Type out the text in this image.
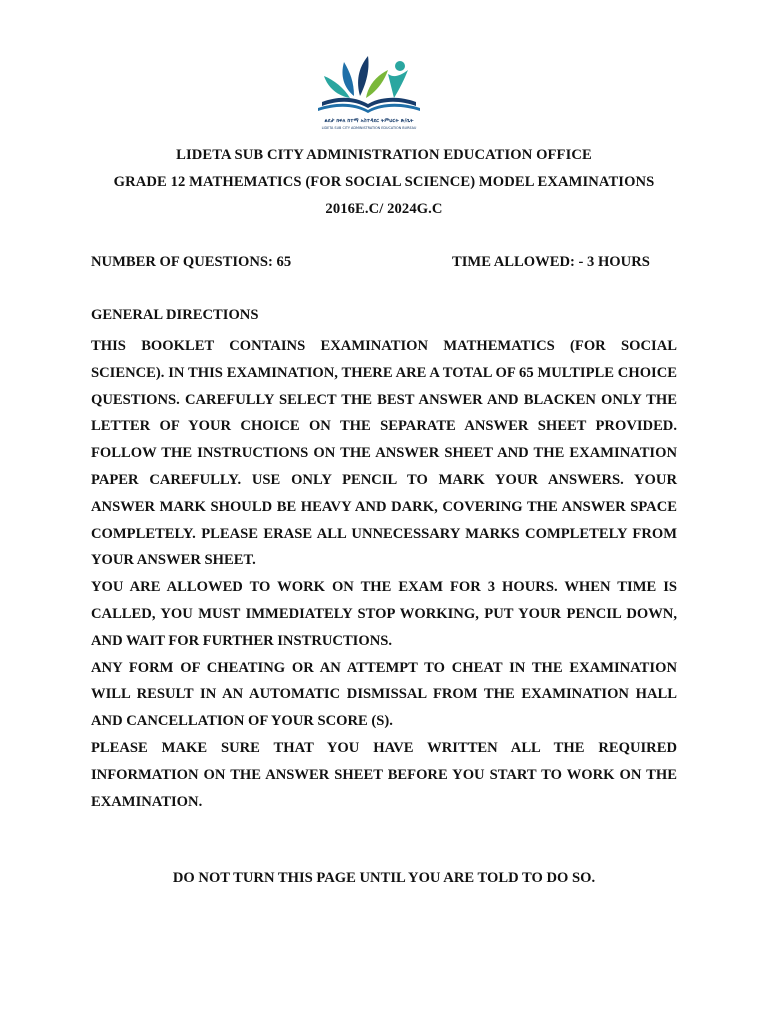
ልደታ ክፍለ ከተማ አስተዳደር ትምህርት ጽ/ቤት
LIDETA SUB CITY ADMINISTRATION EDUCATION BUREAU
LIDETA SUB CITY ADMINISTRATION EDUCATION OFFICE
GRADE 12 MATHEMATICS (FOR SOCIAL SCIENCE) MODEL EXAMINATIONS
2016E.C/ 2024G.C
NUMBER OF QUESTIONS: 65	TIME ALLOWED: - 3 HOURS
GENERAL DIRECTIONS

THIS BOOKLET CONTAINS EXAMINATION MATHEMATICS (FOR SOCIAL SCIENCE). IN THIS EXAMINATION, THERE ARE A TOTAL OF 65 MULTIPLE CHOICE QUESTIONS. CAREFULLY SELECT THE BEST ANSWER AND BLACKEN ONLY THE LETTER OF YOUR CHOICE ON THE SEPARATE ANSWER SHEET PROVIDED. FOLLOW THE INSTRUCTIONS ON THE ANSWER SHEET AND THE EXAMINATION PAPER CAREFULLY. USE ONLY PENCIL TO MARK YOUR ANSWERS. YOUR ANSWER MARK SHOULD BE HEAVY AND DARK, COVERING THE ANSWER SPACE COMPLETELY. PLEASE ERASE ALL UNNECESSARY MARKS COMPLETELY FROM YOUR ANSWER SHEET.

YOU ARE ALLOWED TO WORK ON THE EXAM FOR 3 HOURS. WHEN TIME IS CALLED, YOU MUST IMMEDIATELY STOP WORKING, PUT YOUR PENCIL DOWN, AND WAIT FOR FURTHER INSTRUCTIONS.

ANY FORM OF CHEATING OR AN ATTEMPT TO CHEAT IN THE EXAMINATION WILL RESULT IN AN AUTOMATIC DISMISSAL FROM THE EXAMINATION HALL AND CANCELLATION OF YOUR SCORE (S).

PLEASE MAKE SURE THAT YOU HAVE WRITTEN ALL THE REQUIRED INFORMATION ON THE ANSWER SHEET BEFORE YOU START TO WORK ON THE EXAMINATION.

DO NOT TURN THIS PAGE UNTIL YOU ARE TOLD TO DO SO.
